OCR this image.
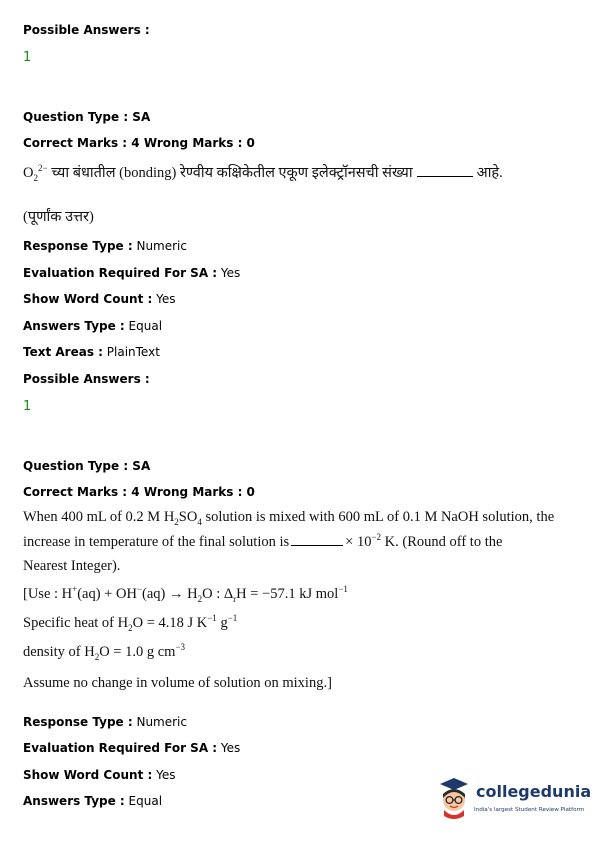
Possible Answers :
1
Question Type : SA
Correct Marks : 4 Wrong Marks : 0
$O_2^{2-}$ च्या बंधातील (bonding) रेण्वीय कक्षिकेतील एकूण इलेक्ट्रॉनसची संख्या	आहे.
(पूर्णांक उत्तर)
Response Type : Numeric
Evaluation Required For SA : Yes
Show Word Count : Yes
Answers Type : Equal
Text Areas : PlainText
Possible Answers :
1
Question Type : SA
Correct Marks : 4 Wrong Marks : 0
When 400 mL of 0.2 M $H_2SO_4$ solution is mixed with 600 mL of 0.1 M NaOH solution, the
increase in temperature of the final solution is	× $10^{-2}$ K. (Round off to the
Nearest Integer).
[Use : $H^+(aq) + OH^-(aq) \to H_2O$ : $\Delta_rH = -57.1$ kJ mol$^{-1}$
Specific heat of $H_2O = 4.18$ J $K^{-1}$ $g^{-1}$
density of $H_2O = 1.0$ g $cm^{-3}$
Assume no change in volume of solution on mixing.]
Response Type : Numeric
Evaluation Required For SA : Yes
Show Word Count : Yes
Answers Type : Equal	collegedunia
India's largest Student Review Platform
